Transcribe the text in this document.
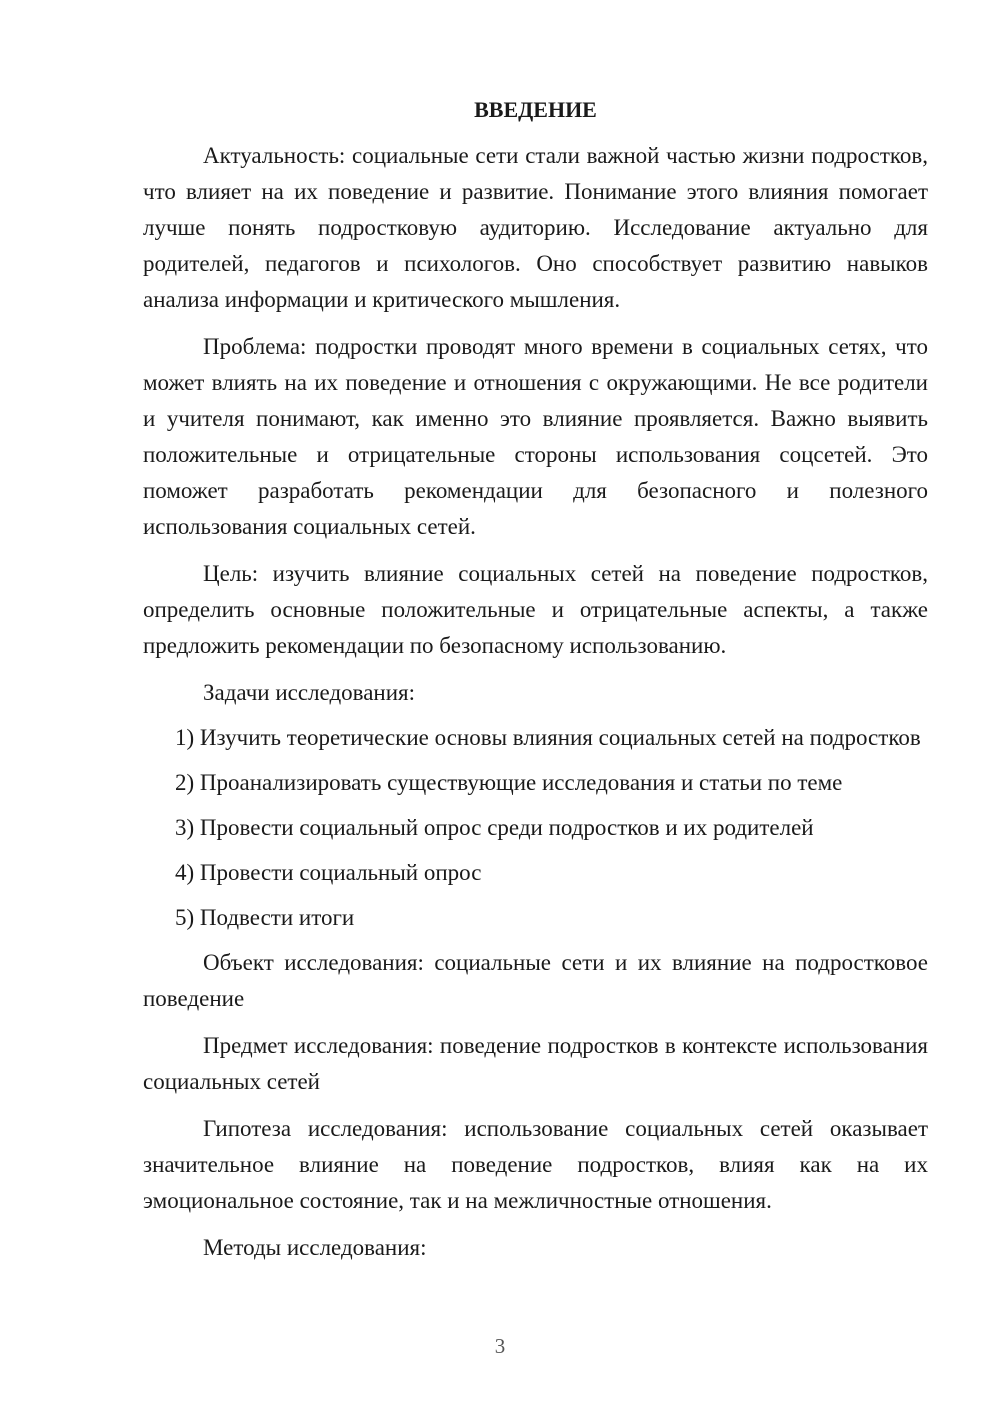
ВВЕДЕНИЕ

Актуальность: социальные сети стали важной частью жизни подростков, что влияет на их поведение и развитие. Понимание этого влияния помогает лучше понять подростковую аудиторию. Исследование актуально для родителей, педагогов и психологов. Оно способствует развитию навыков анализа информации и критического мышления.

Проблема: подростки проводят много времени в социальных сетях, что может влиять на их поведение и отношения с окружающими. Не все родители и учителя понимают, как именно это влияние проявляется. Важно выявить положительные и отрицательные стороны использования соцсетей. Это поможет разработать рекомендации для безопасного и полезного использования социальных сетей.

Цель: изучить влияние социальных сетей на поведение подростков, определить основные положительные и отрицательные аспекты, а также предложить рекомендации по безопасному использованию.

Задачи исследования:

1) Изучить теоретические основы влияния социальных сетей на подростков

2) Проанализировать существующие исследования и статьи по теме

3) Провести социальный опрос среди подростков и их родителей

4) Провести социальный опрос

5) Подвести итоги

Объект исследования: социальные сети и их влияние на подростковое поведение

Предмет исследования: поведение подростков в контексте использования социальных сетей

Гипотеза исследования: использование социальных сетей оказывает значительное влияние на поведение подростков, влияя как на их эмоциональное состояние, так и на межличностные отношения.

Методы исследования:

3
